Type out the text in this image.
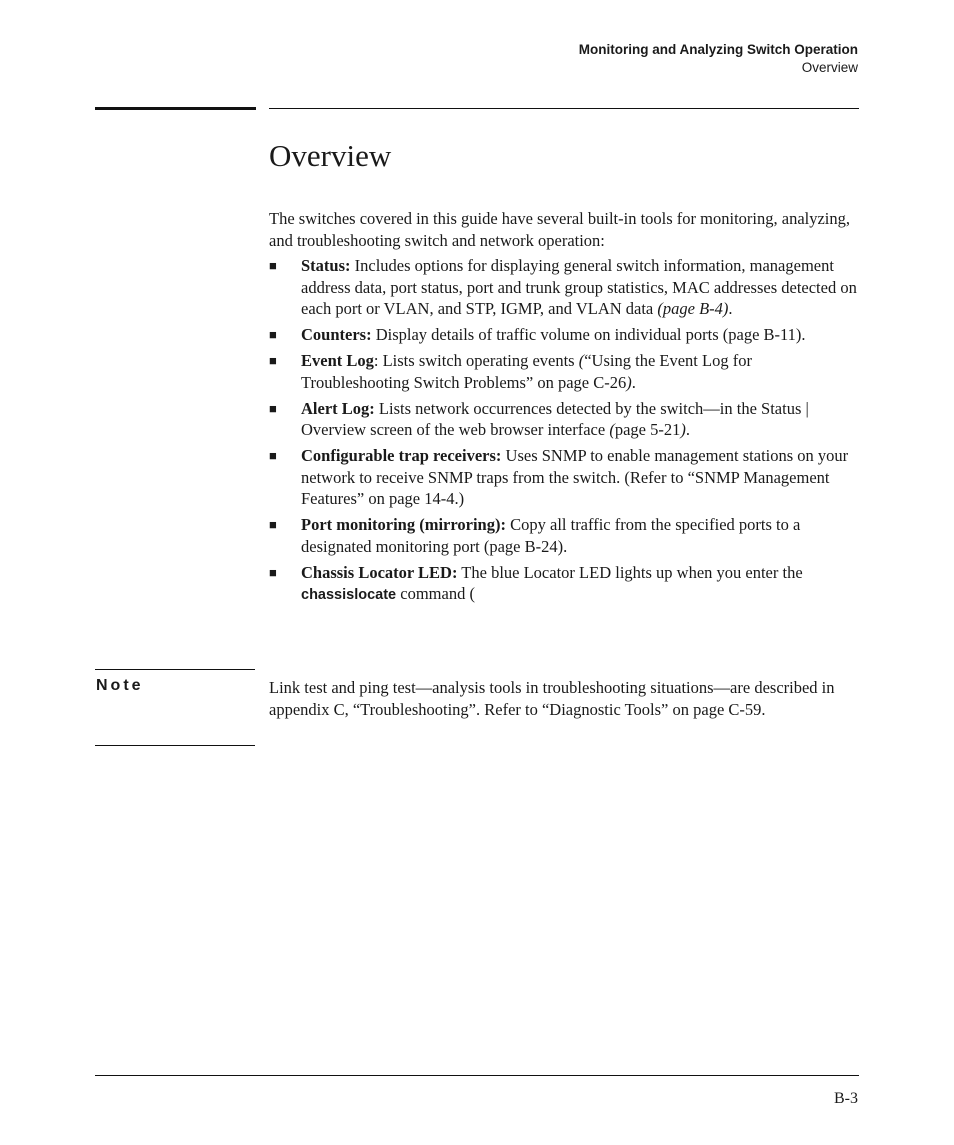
Monitoring and Analyzing Switch Operation
Overview
Overview

The switches covered in this guide have several built-in tools for monitoring, analyzing, and troubleshooting switch and network operation:

■ Status: Includes options for displaying general switch information, management address data, port status, port and trunk group statistics, MAC addresses detected on each port or VLAN, and STP, IGMP, and VLAN data (page B-4).
■ Counters: Display details of traffic volume on individual ports (page B-11).
■ Event Log: Lists switch operating events (“Using the Event Log for Troubleshooting Switch Problems” on page C-26).
■ Alert Log: Lists network occurrences detected by the switch—in the Status | Overview screen of the web browser interface (page 5-21).
■ Configurable trap receivers: Uses SNMP to enable management stations on your network to receive SNMP traps from the switch. (Refer to “SNMP Management Features” on page 14-4.)
■ Port monitoring (mirroring): Copy all traffic from the specified ports to a designated monitoring port (page B-24).
■ Chassis Locator LED: The blue Locator LED lights up when you enter the chassislocate command (

Note	Link test and ping test—analysis tools in troubleshooting situations—are described in appendix C, “Troubleshooting”. Refer to “Diagnostic Tools” on page C-59.

B-3
